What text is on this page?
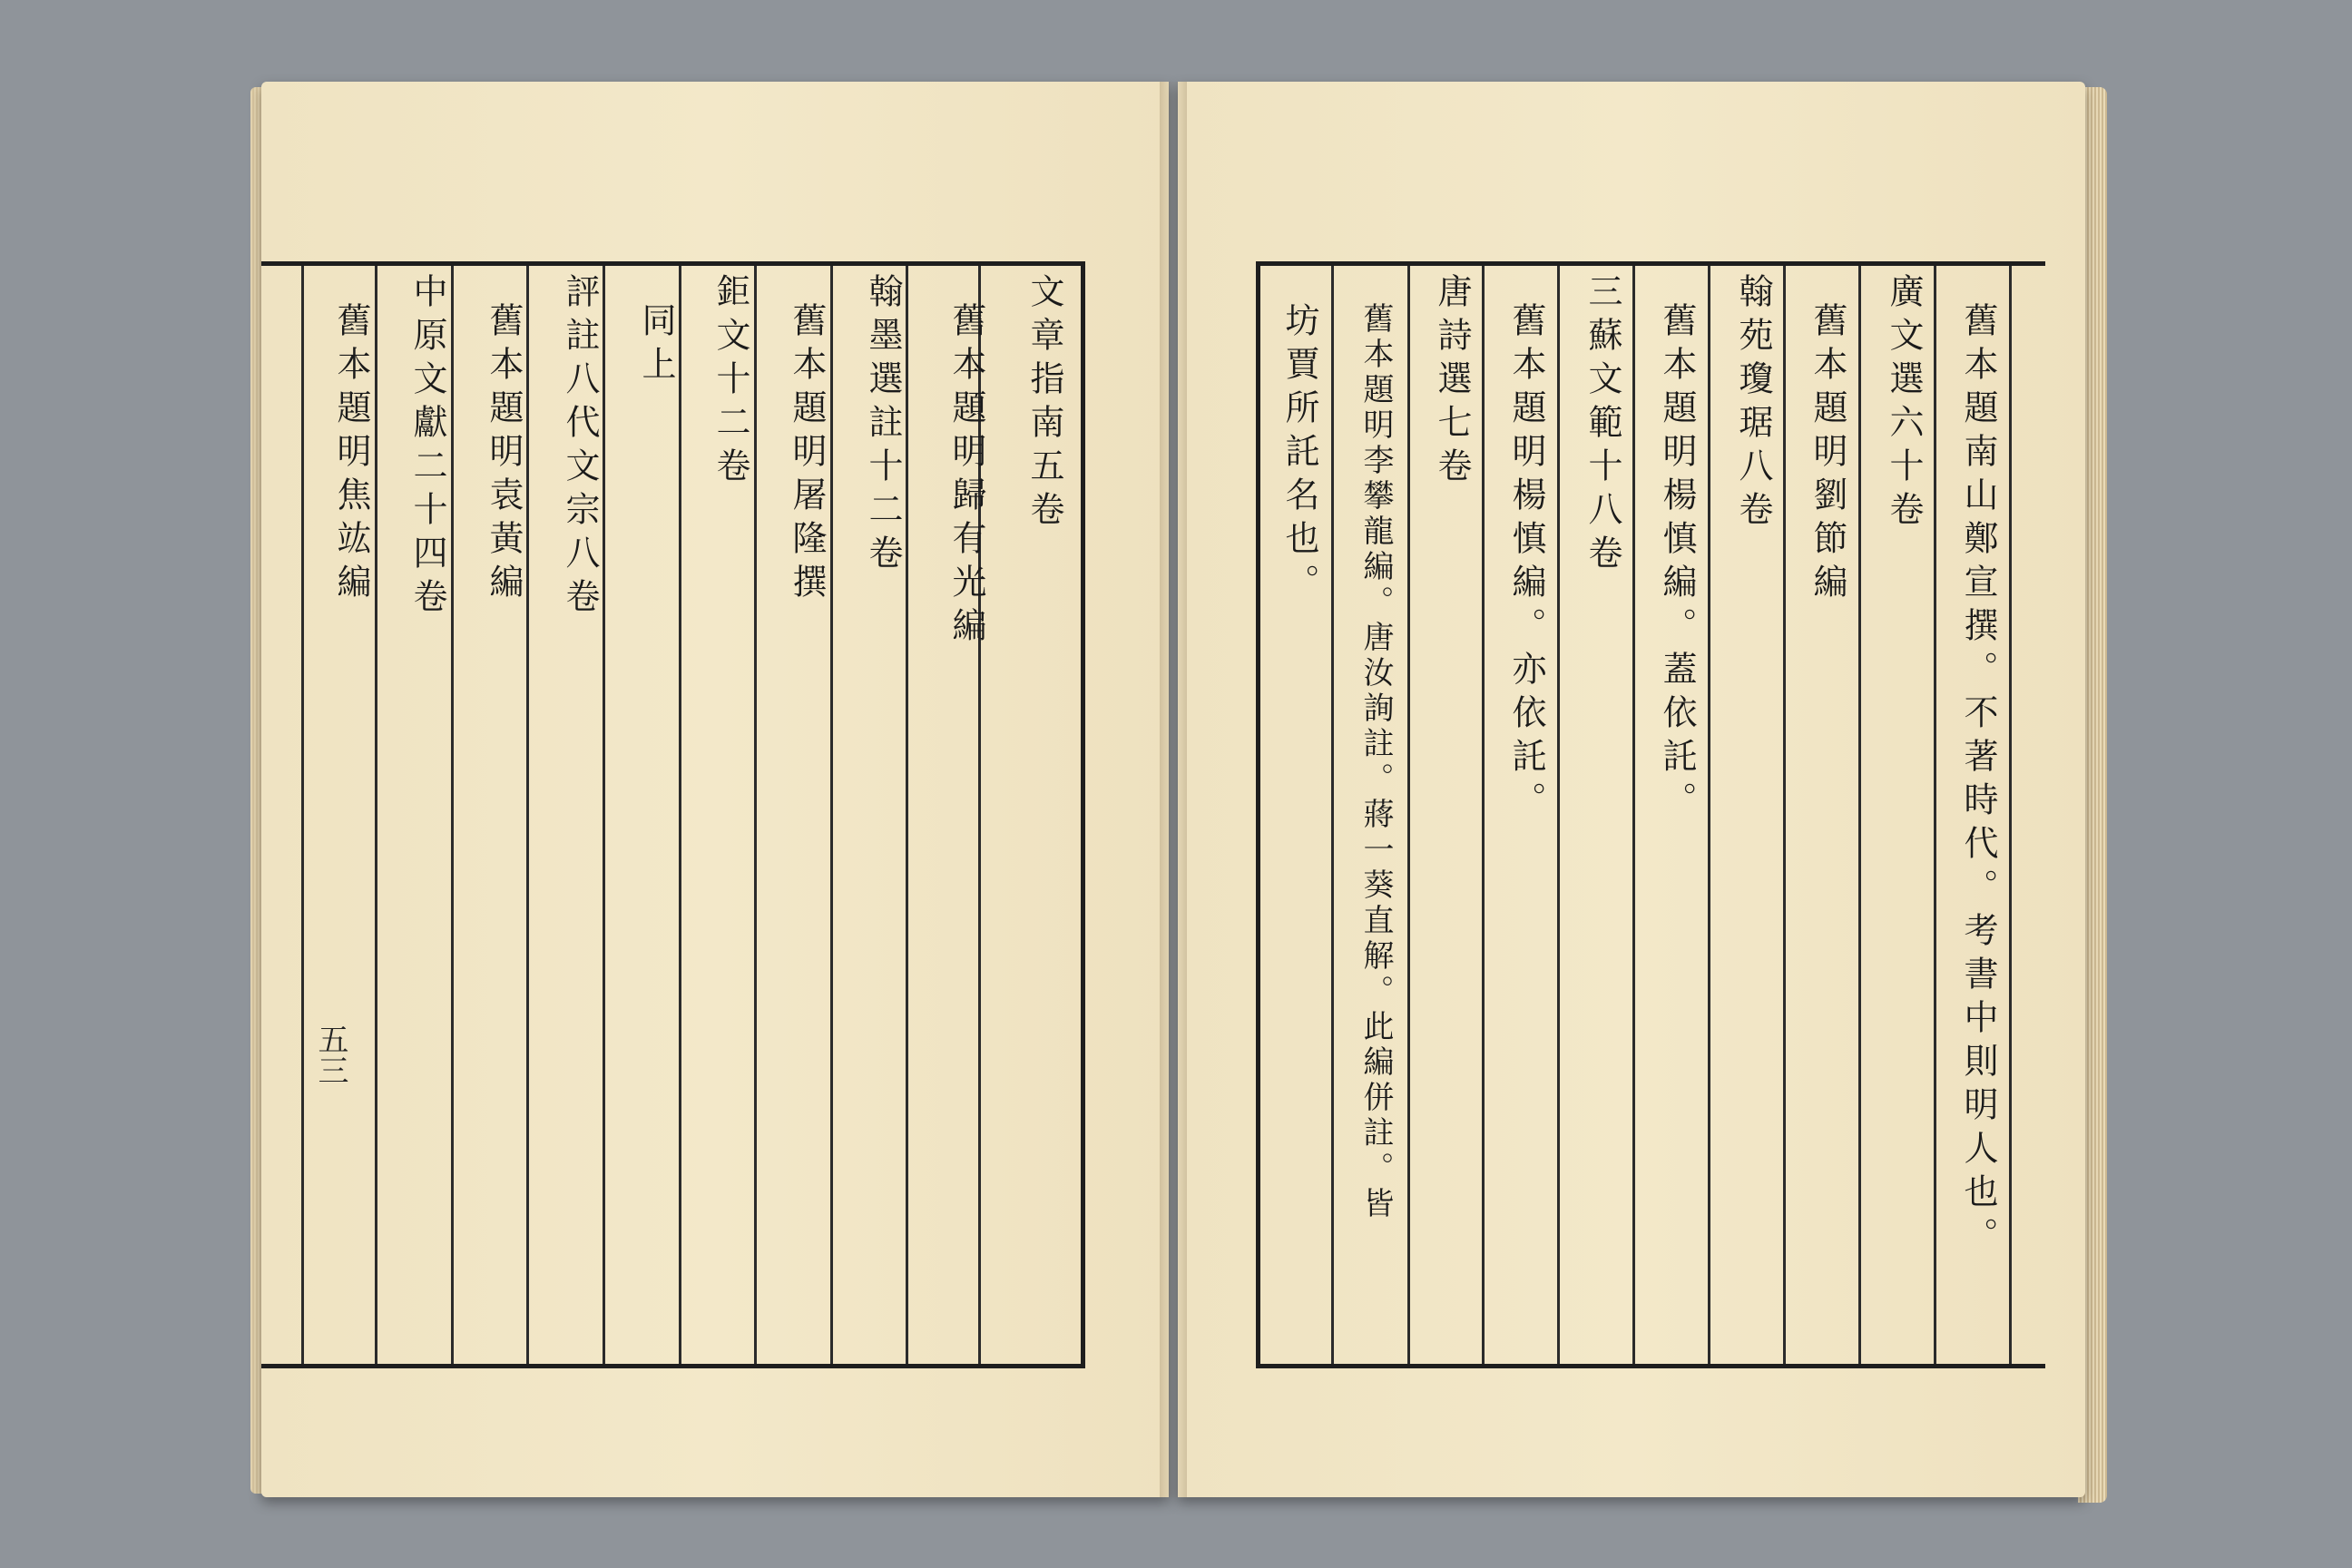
文章指南五卷
舊本題明歸有光編
翰墨選註十二卷
舊本題明屠隆撰
鉅文十二卷
同上
評註八代文宗八卷
舊本題明袁黃編
中原文獻二十四卷
舊本題明焦竑編	舊本題南山鄭宣撰。不著時代。考書中則明人也。
廣文選六十卷
舊本題明劉節編
翰苑瓊琚八卷
舊本題明楊慎編。蓋依託。
三蘇文範十八卷
舊本題明楊慎編。亦依託。
唐詩選七卷
舊本題明李攀龍編。唐汝詢註。蔣一葵直解。此編併註。皆
坊賈所託名也。
五三
